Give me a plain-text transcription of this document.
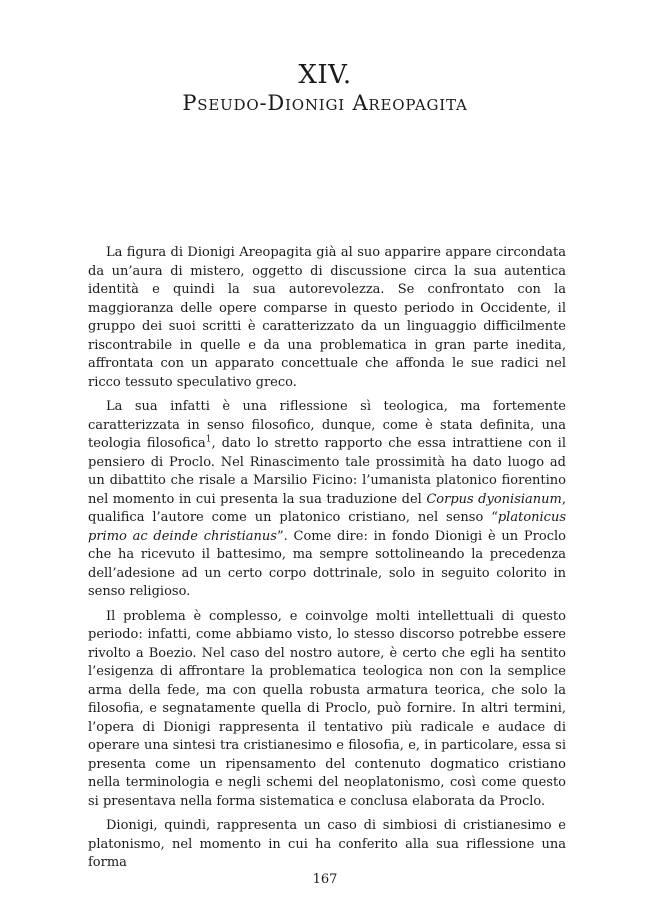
XIV.
Pseudo-Dionigi Areopagita

La figura di Dionigi Areopagita già al suo apparire appare circondata da un’aura di mistero, oggetto di discussione circa la sua autentica identità e quindi la sua autorevolezza. Se confrontato con la maggioranza delle opere comparse in questo periodo in Occidente, il gruppo dei suoi scritti è caratterizzato da un linguaggio difficilmente riscontrabile in quelle e da una problematica in gran parte inedita, affrontata con un apparato concettuale che affonda le sue radici nel ricco tessuto speculativo greco.

La sua infatti è una riflessione sì teologica, ma fortemente caratterizzata in senso filosofico, dunque, come è stata definita, una teologia filosofica$^1$, dato lo stretto rapporto che essa intrattiene con il pensiero di Proclo. Nel Rinascimento tale prossimità ha dato luogo ad un dibattito che risale a Marsilio Ficino: l’umanista platonico fiorentino nel momento in cui presenta la sua traduzione del Corpus dyonisianum, qualifica l’autore come un platonico cristiano, nel senso “platonicus primo ac deinde christianus”. Come dire: in fondo Dionigi è un Proclo che ha ricevuto il battesimo, ma sempre sottolineando la precedenza dell’adesione ad un certo corpo dottrinale, solo in seguito colorito in senso religioso.

Il problema è complesso, e coinvolge molti intellettuali di questo periodo: infatti, come abbiamo visto, lo stesso discorso potrebbe essere rivolto a Boezio. Nel caso del nostro autore, è certo che egli ha sentito l’esigenza di affrontare la problematica teologica non con la semplice arma della fede, ma con quella robusta armatura teorica, che solo la filosofia, e segnatamente quella di Proclo, può fornire. In altri termini, l’opera di Dionigi rappresenta il tentativo più radicale e audace di operare una sintesi tra cristianesimo e filosofia, e, in particolare, essa si presenta come un ripensamento del contenuto dogmatico cristiano nella terminologia e negli schemi del neoplatonismo, così come questo si presentava nella forma sistematica e conclusa elaborata da Proclo.

Dionigi, quindi, rappresenta un caso di simbiosi di cristianesimo e platonismo, nel momento in cui ha conferito alla sua riflessione una forma

167
